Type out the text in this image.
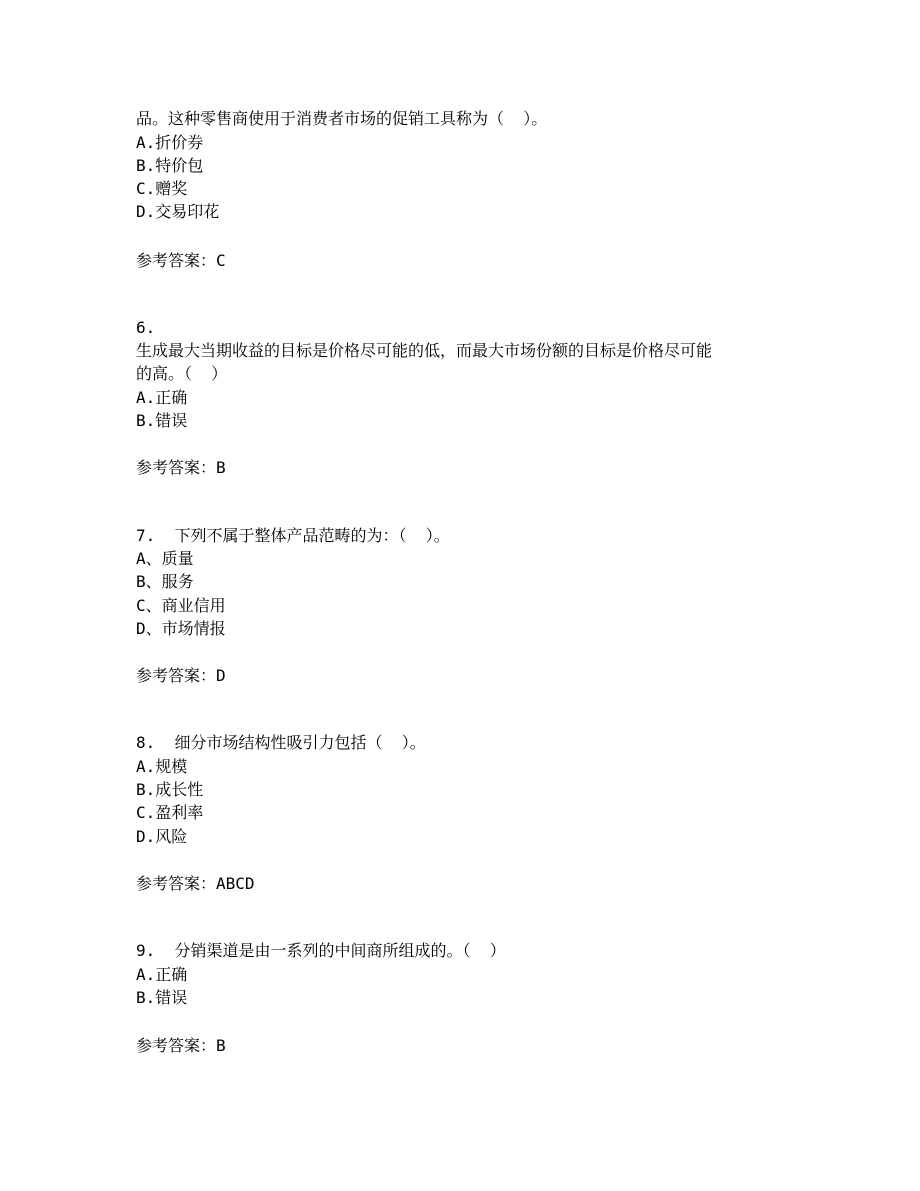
品。这种零售商使用于消费者市场的促销工具称为（  ）。
A.折价券
B.特价包
C.赠奖
D.交易印花
参考答案：C
6.
生成最大当期收益的目标是价格尽可能的低，而最大市场份额的目标是价格尽可能
的高。（  ）
A.正确
B.错误
参考答案：B
7.  下列不属于整体产品范畴的为：（  ）。
A、质量
B、服务
C、商业信用
D、市场情报
参考答案：D
8.  细分市场结构性吸引力包括（  ）。
A.规模
B.成长性
C.盈利率
D.风险
参考答案：ABCD
9.  分销渠道是由一系列的中间商所组成的。（  ）
A.正确
B.错误
参考答案：B
